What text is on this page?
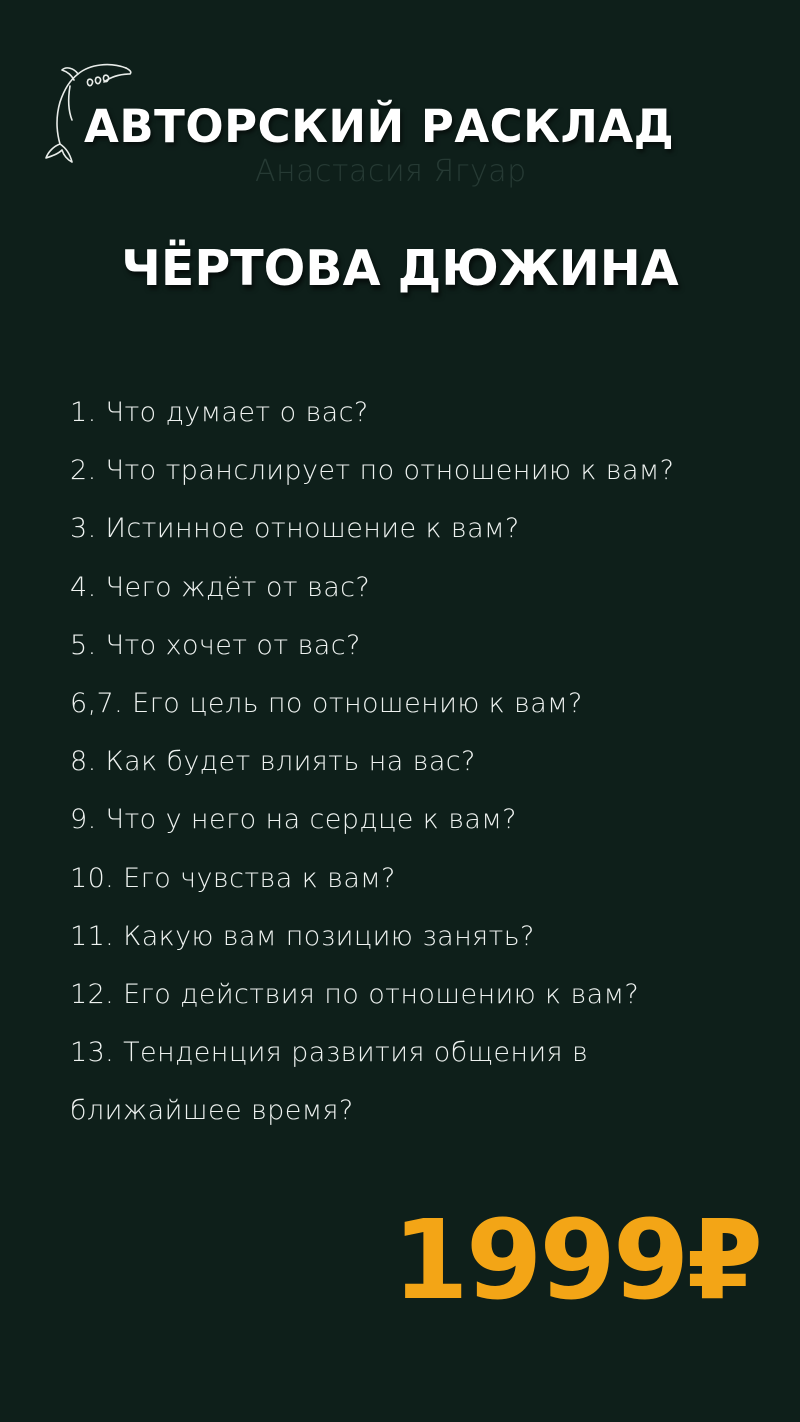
Анастасия Ягуар
АВТОРСКИЙ РАСКЛАД
ЧЁРТОВА ДЮЖИНА
1. Что думает о вас?
2. Что транслирует по отношению к вам?
3. Истинное отношение к вам?
4. Чего ждёт от вас?
5. Что хочет от вас?
6,7. Его цель по отношению к вам?
8. Как будет влиять на вас?
9. Что у него на сердце к вам?
10. Его чувства к вам?
11. Какую вам позицию занять?
12. Его действия по отношению к вам?
13. Тенденция развития общения в ближайшее время?
1999₽
